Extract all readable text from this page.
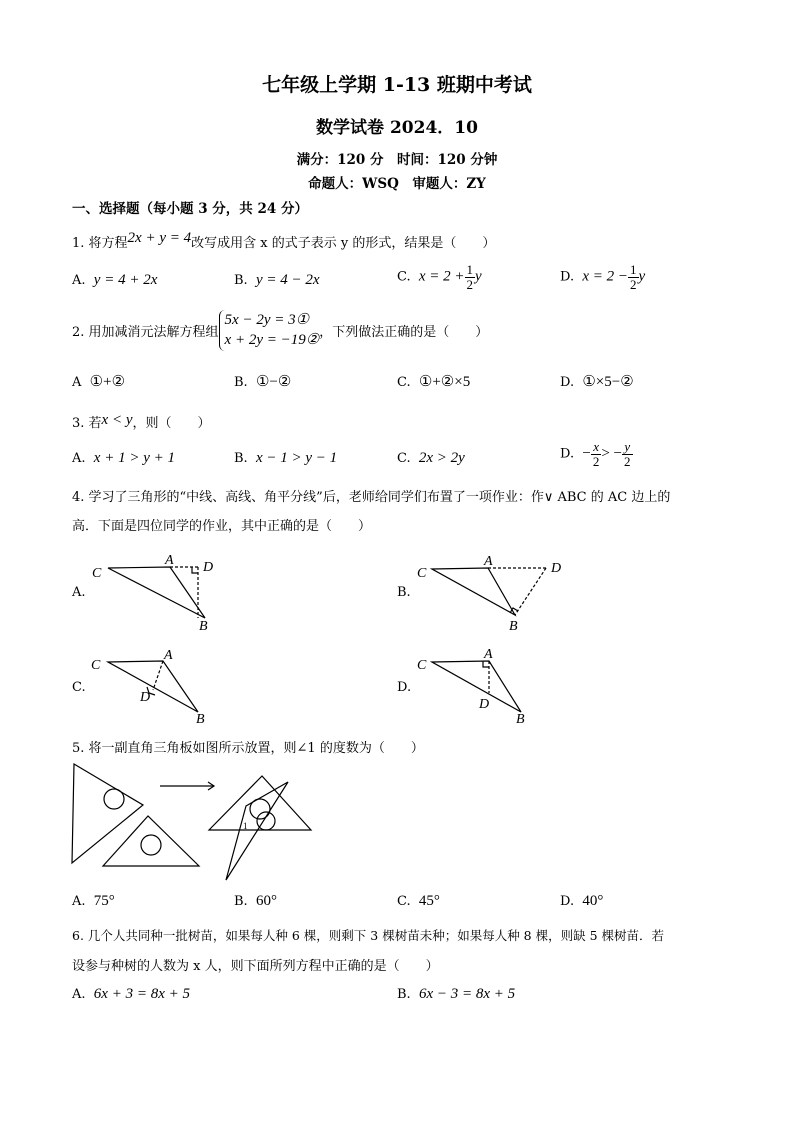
七年级上学期 1-13 班期中考试
数学试卷 2024．10
满分：120 分　时间：120 分钟
命题人：WSQ　审题人：ZY
一、选择题（每小题 3 分，共 24 分）
1. 将方程2x + y = 4改写成用含 x 的式子表示 y 的形式，结果是（　　）
A. y = 4 + 2x	B. y = 4 − 2x	C. $x = 2 + \frac{1}{2}$ y	D. $x = 2 - \frac{1}{2}$ y
2. 用加减消元法解方程组
5x − 2y = 3①
x + 2y = −19② ，下列做法正确的是（　　）
A ①+②	B. ①−②	C. ①+②×5	D. ①×5−②
3. 若x < y，则（　　）
A. x + 1 > y + 1	B. x − 1 > y − 1	C. 2x > 2y	D. − $\frac{x}{2}$ > − $\frac{y}{2}$
4. 学习了三角形的“中线、高线、角平分线”后，老师给同学们布置了一项作业：作∨ ABC 的 AC 边上的
高．下面是四位同学的作业，其中正确的是（　　）
A.	B.
C.	D.
C
A D
B
C
A	D
B
C
A
D
B
C
A
D
B
5. 将一副直角三角板如图所示放置，则∠1 的度数为（　　）
1
A. 75°	B. 60°	C. 45°	D. 40°
6. 几个人共同种一批树苗，如果每人种 6 棵，则剩下 3 棵树苗未种；如果每人种 8 棵，则缺 5 棵树苗．若
设参与种树的人数为 x 人，则下面所列方程中正确的是（　　）
A. 6x + 3 = 8x + 5	B. 6x − 3 = 8x + 5
